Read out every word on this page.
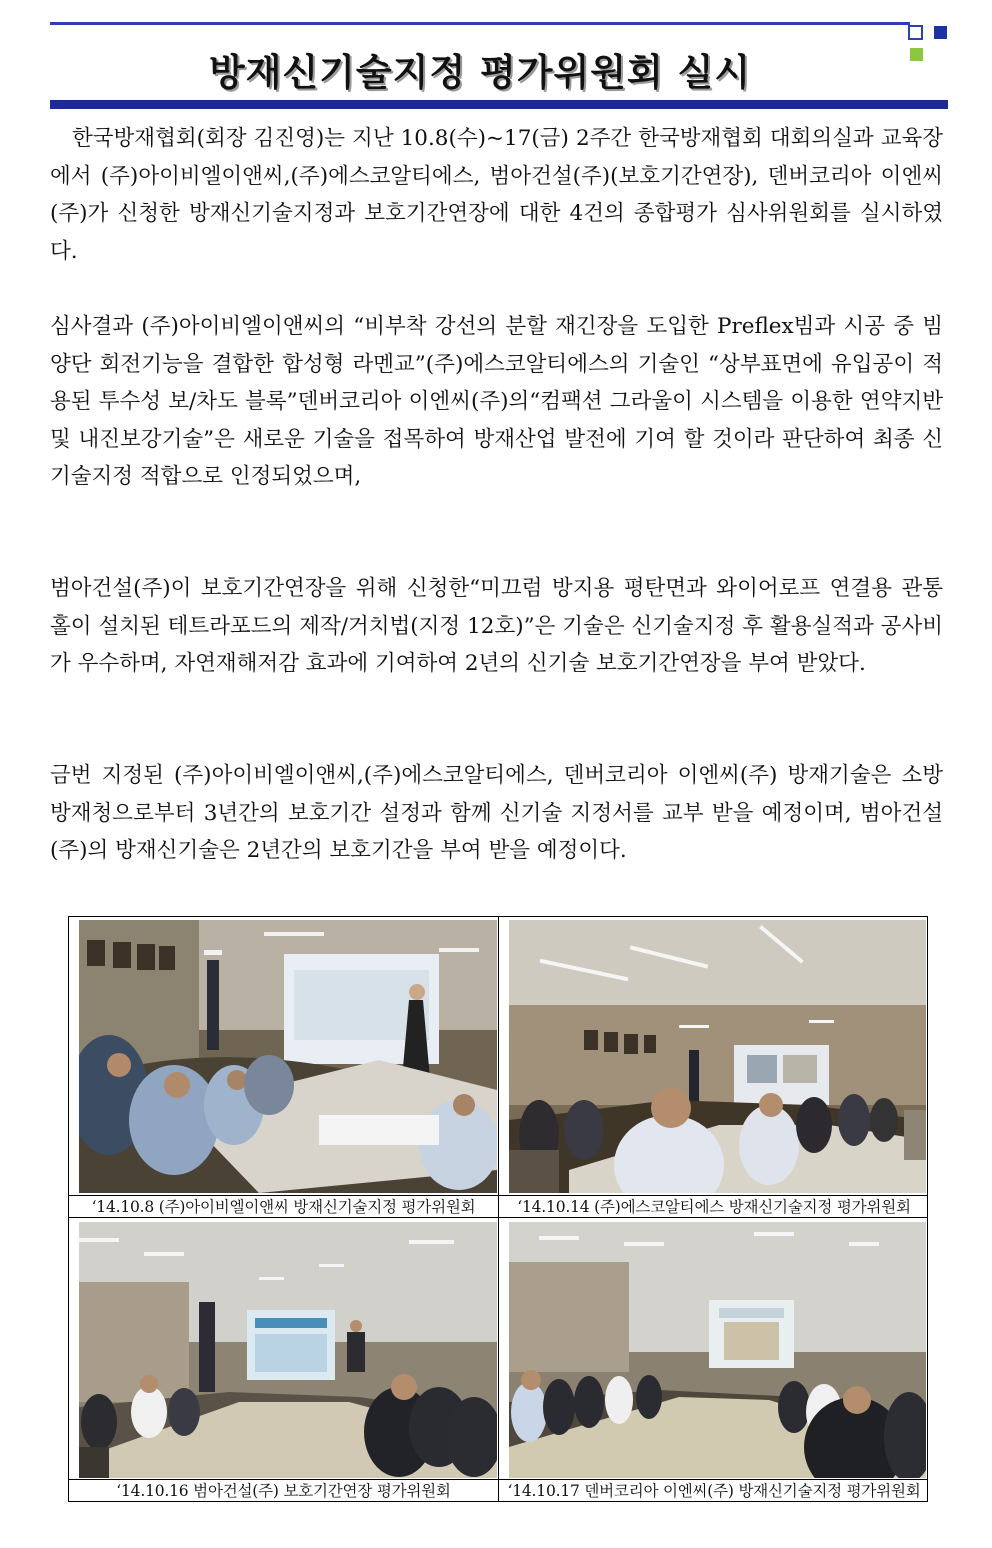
방재신기술지정 평가위원회 실시

한국방재협회(회장 김진영)는 지난 10.8(수)~17(금) 2주간 한국방재협회 대회의실과 교육장에서 (주)아이비엘이앤씨,(주)에스코알티에스, 범아건설(주)(보호기간연장), 덴버코리아 이엔씨(주)가 신청한 방재신기술지정과 보호기간연장에 대한 4건의 종합평가 심사위원회를 실시하였다.

심사결과 (주)아이비엘이앤씨의 “비부착 강선의 분할 재긴장을 도입한 Preflex빔과 시공 중 빔 양단 회전기능을 결합한 합성형 라멘교”(주)에스코알티에스의 기술인 “상부표면에 유입공이 적용된 투수성 보/차도 블록”덴버코리아 이엔씨(주)의“컴팩션 그라울이 시스템을 이용한 연약지반 및 내진보강기술”은 새로운 기술을 접목하여 방재산업 발전에 기여 할 것이라 판단하여 최종 신기술지정 적합으로 인정되었으며,

범아건설(주)이 보호기간연장을 위해 신청한“미끄럼 방지용 평탄면과 와이어로프 연결용 관통 홀이 설치된 테트라포드의 제작/거치법(지정 12호)”은 기술은 신기술지정 후 활용실적과 공사비가 우수하며, 자연재해저감 효과에 기여하여 2년의 신기술 보호기간연장을 부여 받았다.

금번 지정된 (주)아이비엘이앤씨,(주)에스코알티에스, 덴버코리아 이엔씨(주) 방재기술은 소방방재청으로부터 3년간의 보호기간 설정과 함께 신기술 지정서를 교부 받을 예정이며, 범아건설(주)의 방재신기술은 2년간의 보호기간을 부여 받을 예정이다.

‘14.10.8 (주)아이비엘이앤씨 방재신기술지정 평가위원회	‘14.10.14 (주)에스코알티에스 방재신기술지정 평가위원회
‘14.10.16 범아건설(주) 보호기간연장 평가위원회	‘14.10.17 덴버코리아 이엔씨(주) 방재신기술지정 평가위원회
